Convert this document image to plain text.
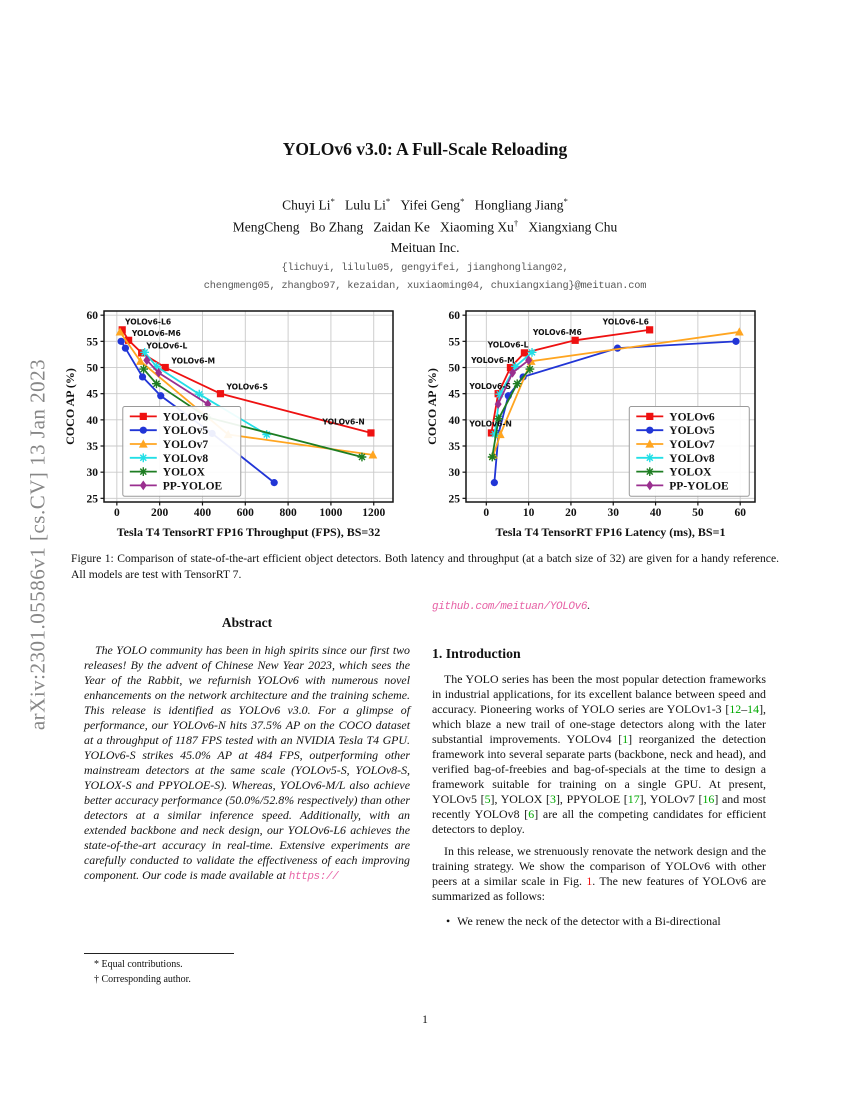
arXiv:2301.05586v1 [cs.CV] 13 Jan 2023
YOLOv6 v3.0: A Full-Scale Reloading
Chuyi Li*   Lulu Li*   Yifei Geng*   Hongliang Jiang*
MengCheng   Bo Zhang   Zaidan Ke   Xiaoming Xu†   Xiangxiang Chu
Meituan Inc.
{lichuyi, lilulu05, gengyifei, jianghongliang02,
chengmeng05, zhangbo97, kezaidan, xuxiaoming04, chuxiangxiang}@meituan.com
0	200 400 600 800 1000 1200
25
30
35
40
45
50
55
60	YOLOv6-L6
YOLOv6-M6
YOLOv6-L
YOLOv6-M
YOLOv6-S
YOLOv6-N
Tesla T4 TensorRT FP16 Throughput (FPS), BS=32
COCO AP (%)	YOLOv6
YOLOv5
YOLOv7
YOLOv8
YOLOX
PP-YOLOE
0	10	20	30	40	50	60
25
30
35
40
45
50
55
60
YOLOv6-N
YOLOv6-S
YOLOv6-M
YOLOv6-L
YOLOv6-M6
YOLOv6-L6
Tesla T4 TensorRT FP16 Latency (ms), BS=1
COCO AP (%)	YOLOv6
YOLOv5
YOLOv7
YOLOv8
YOLOX
PP-YOLOE
Figure 1: Comparison of state-of-the-art efficient object detectors. Both latency and throughput (at a batch size of 32) are given for a handy reference. All models are test with TensorRT 7.
Abstract

The YOLO community has been in high spirits since our first two releases! By the advent of Chinese New Year 2023, which sees the Year of the Rabbit, we refurnish YOLOv6 with numerous novel enhancements on the network architecture and the training scheme. This release is identified as YOLOv6 v3.0. For a glimpse of performance, our YOLOv6-N hits 37.5% AP on the COCO dataset at a throughput of 1187 FPS tested with an NVIDIA Tesla T4 GPU. YOLOv6-S strikes 45.0% AP at 484 FPS, outperforming other mainstream detectors at the same scale (YOLOv5-S, YOLOv8-S, YOLOX-S and PPYOLOE-S). Whereas, YOLOv6-M/L also achieve better accuracy performance (50.0%/52.8% respectively) than other detectors at a similar inference speed. Additionally, with an extended backbone and neck design, our YOLOv6-L6 achieves the state-of-the-art accuracy in real-time. Extensive experiments are carefully conducted to validate the effectiveness of each improving component. Our code is made available at https://

* Equal contributions.
† Corresponding author.
github.com/meituan/YOLOv6.
1. Introduction

The YOLO series has been the most popular detection frameworks in industrial applications, for its excellent balance between speed and accuracy. Pioneering works of YOLO series are YOLOv1-3 [12–14], which blaze a new trail of one-stage detectors along with the later substantial improvements. YOLOv4 [1] reorganized the detection framework into several separate parts (backbone, neck and head), and verified bag-of-freebies and bag-of-specials at the time to design a framework suitable for training on a single GPU. At present, YOLOv5 [5], YOLOX [3], PPYOLOE [17], YOLOv7 [16] and most recently YOLOv8 [6] are all the competing candidates for efficient detectors to deploy.

In this release, we strenuously renovate the network design and the training strategy. We show the comparison of YOLOv6 with other peers at a similar scale in Fig. 1. The new features of YOLOv6 are summarized as follows:

• We renew the neck of the detector with a Bi-directional
1
